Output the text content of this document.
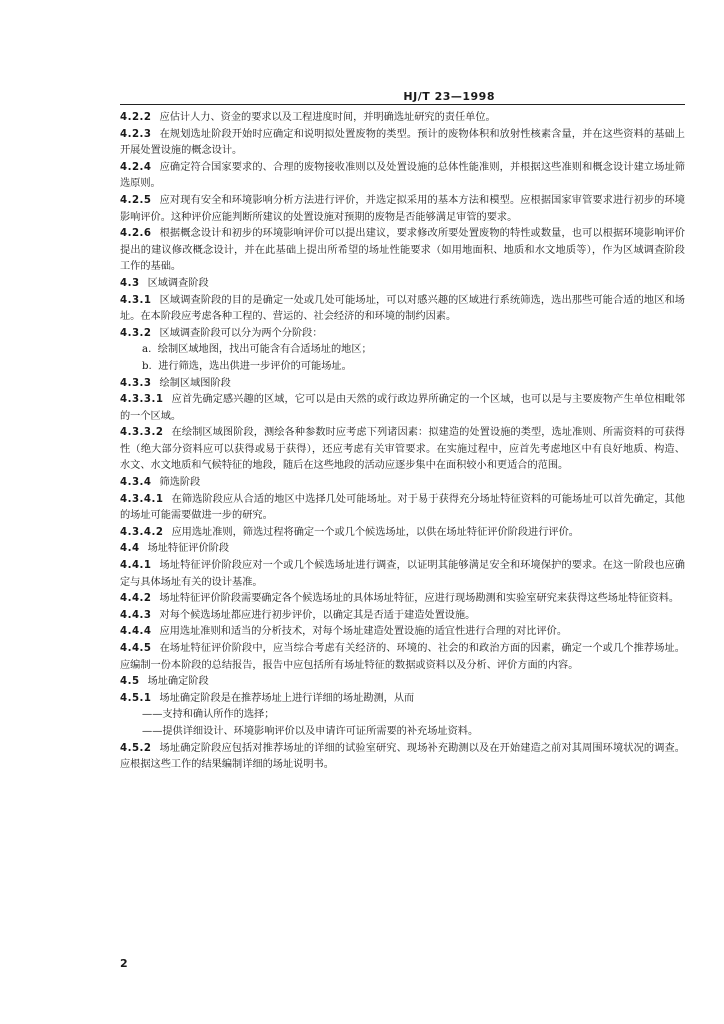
HJ/T 23—1998

4.2.2 应估计人力、资金的要求以及工程进度时间，并明确选址研究的责任单位。

4.2.3 在规划选址阶段开始时应确定和说明拟处置废物的类型。预计的废物体积和放射性核素含量，并在这些资料的基础上开展处置设施的概念设计。

4.2.4 应确定符合国家要求的、合理的废物接收准则以及处置设施的总体性能准则，并根据这些准则和概念设计建立场址筛选原则。

4.2.5 应对现有安全和环境影响分析方法进行评价，并选定拟采用的基本方法和模型。应根据国家审管要求进行初步的环境影响评价。这种评价应能判断所建议的处置设施对预期的废物是否能够满足审管的要求。

4.2.6 根据概念设计和初步的环境影响评价可以提出建议，要求修改所要处置废物的特性或数量，也可以根据环境影响评价提出的建议修改概念设计，并在此基础上提出所希望的场址性能要求（如用地面积、地质和水文地质等），作为区域调查阶段工作的基础。

4.3 区域调查阶段

4.3.1 区域调查阶段的目的是确定一处或几处可能场址，可以对感兴趣的区域进行系统筛选，选出那些可能合适的地区和场址。在本阶段应考虑各种工程的、营运的、社会经济的和环境的制约因素。

4.3.2 区域调查阶段可以分为两个分阶段：

a. 绘制区域地图，找出可能含有合适场址的地区；

b. 进行筛选，选出供进一步评价的可能场址。

4.3.3 绘制区域图阶段

4.3.3.1 应首先确定感兴趣的区域，它可以是由天然的或行政边界所确定的一个区域，也可以是与主要废物产生单位相毗邻的一个区域。

4.3.3.2 在绘制区域图阶段，测绘各种参数时应考虑下列诸因素：拟建造的处置设施的类型，选址准则、所需资料的可获得性（绝大部分资料应可以获得或易于获得），还应考虑有关审管要求。在实施过程中，应首先考虑地区中有良好地质、构造、水文、水文地质和气候特征的地段，随后在这些地段的活动应逐步集中在面积较小和更适合的范围。

4.3.4 筛选阶段

4.3.4.1 在筛选阶段应从合适的地区中选择几处可能场址。对于易于获得充分场址特征资料的可能场址可以首先确定，其他的场址可能需要做进一步的研究。

4.3.4.2 应用选址准则，筛选过程将确定一个或几个候选场址，以供在场址特征评价阶段进行评价。

4.4 场址特征评价阶段

4.4.1 场址特征评价阶段应对一个或几个候选场址进行调查，以证明其能够满足安全和环境保护的要求。在这一阶段也应确定与具体场址有关的设计基准。

4.4.2 场址特征评价阶段需要确定各个候选场址的具体场址特征，应进行现场勘测和实验室研究来获得这些场址特征资料。

4.4.3 对每个候选场址都应进行初步评价，以确定其是否适于建造处置设施。

4.4.4 应用选址准则和适当的分析技术，对每个场址建造处置设施的适宜性进行合理的对比评价。

4.4.5 在场址特征评价阶段中，应当综合考虑有关经济的、环境的、社会的和政治方面的因素，确定一个或几个推荐场址。应编制一份本阶段的总结报告，报告中应包括所有场址特征的数据或资料以及分析、评价方面的内容。

4.5 场址确定阶段

4.5.1 场址确定阶段是在推荐场址上进行详细的场址勘测，从而

——支持和确认所作的选择；

——提供详细设计、环境影响评价以及申请许可证所需要的补充场址资料。

4.5.2 场址确定阶段应包括对推荐场址的详细的试验室研究、现场补充勘测以及在开始建造之前对其周围环境状况的调查。应根据这些工作的结果编制详细的场址说明书。

2
